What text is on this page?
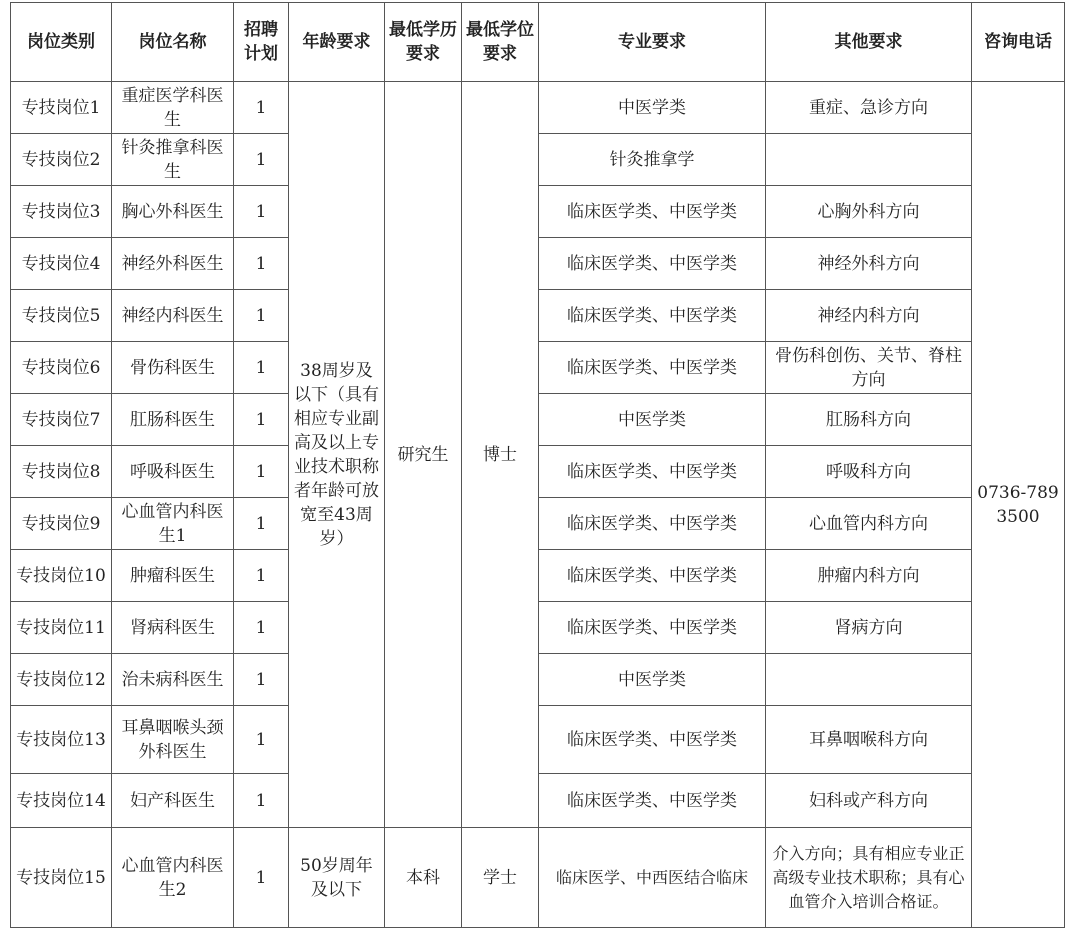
岗位类别	岗位名称	招聘计划	年龄要求	最低学历要求	最低学位要求	专业要求	其他要求	咨询电话
专技岗位1	重症医学科医生	1	38周岁及以下（具有相应专业副高及以上专业技术职称者年龄可放宽至43周岁）	研究生	博士	中医学类	重症、急诊方向	0736-7893500
专技岗位2	针灸推拿科医生	1				针灸推拿学		
专技岗位3	胸心外科医生	1				临床医学类、中医学类	心胸外科方向	
专技岗位4	神经外科医生	1				临床医学类、中医学类	神经外科方向	
专技岗位5	神经内科医生	1				临床医学类、中医学类	神经内科方向	
专技岗位6	骨伤科医生	1				临床医学类、中医学类	骨伤科创伤、关节、脊柱方向	
专技岗位7	肛肠科医生	1				中医学类	肛肠科方向	
专技岗位8	呼吸科医生	1				临床医学类、中医学类	呼吸科方向	
专技岗位9	心血管内科医生1	1				临床医学类、中医学类	心血管内科方向	
专技岗位10	肿瘤科医生	1				临床医学类、中医学类	肿瘤内科方向	
专技岗位11	肾病科医生	1				临床医学类、中医学类	肾病方向	
专技岗位12	治未病科医生	1				中医学类		
专技岗位13	耳鼻咽喉头颈外科医生	1				临床医学类、中医学类	耳鼻咽喉科方向	
专技岗位14	妇产科医生	1				临床医学类、中医学类	妇科或产科方向	
专技岗位15	心血管内科医生2	1	50岁周年及以下	本科	学士	临床医学、中西医结合临床	介入方向；具有相应专业正高级专业技术职称；具有心血管介入培训合格证。	
